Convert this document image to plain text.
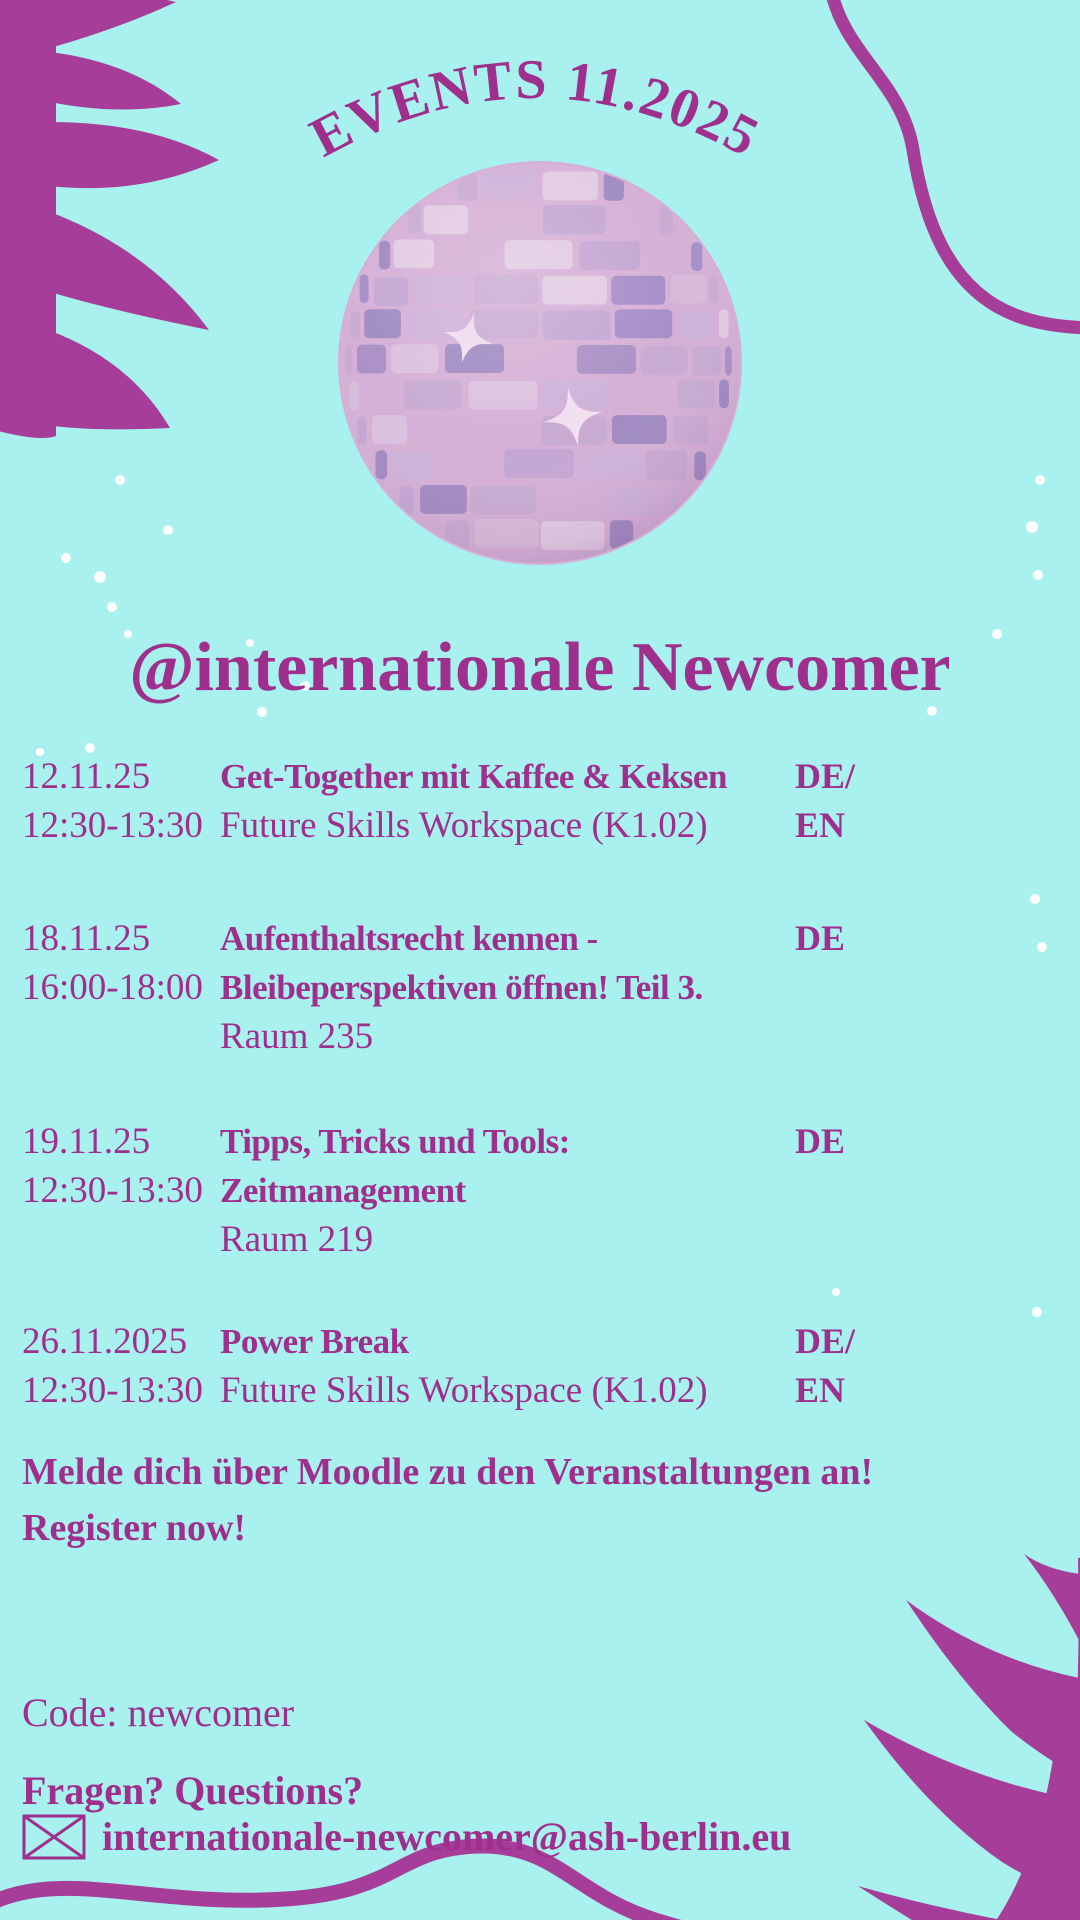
EVENTS 11.2025
@internationale Newcomer
12.11.25
12:30-13:30
Get-Together mit Kaffee & Keksen
Future Skills Workspace (K1.02)
DE/
EN
18.11.25
16:00-18:00
Aufenthaltsrecht kennen -
Bleibeperspektiven öffnen! Teil 3.
Raum 235
DE
19.11.25
12:30-13:30
Tipps, Tricks und Tools:
Zeitmanagement
Raum 219
DE
26.11.2025
12:30-13:30
Power Break
Future Skills Workspace (K1.02)
DE/
EN
Melde dich über Moodle zu den Veranstaltungen an!
Register now!
Code: newcomer
Fragen? Questions?
internationale-newcomer@ash-berlin.eu
